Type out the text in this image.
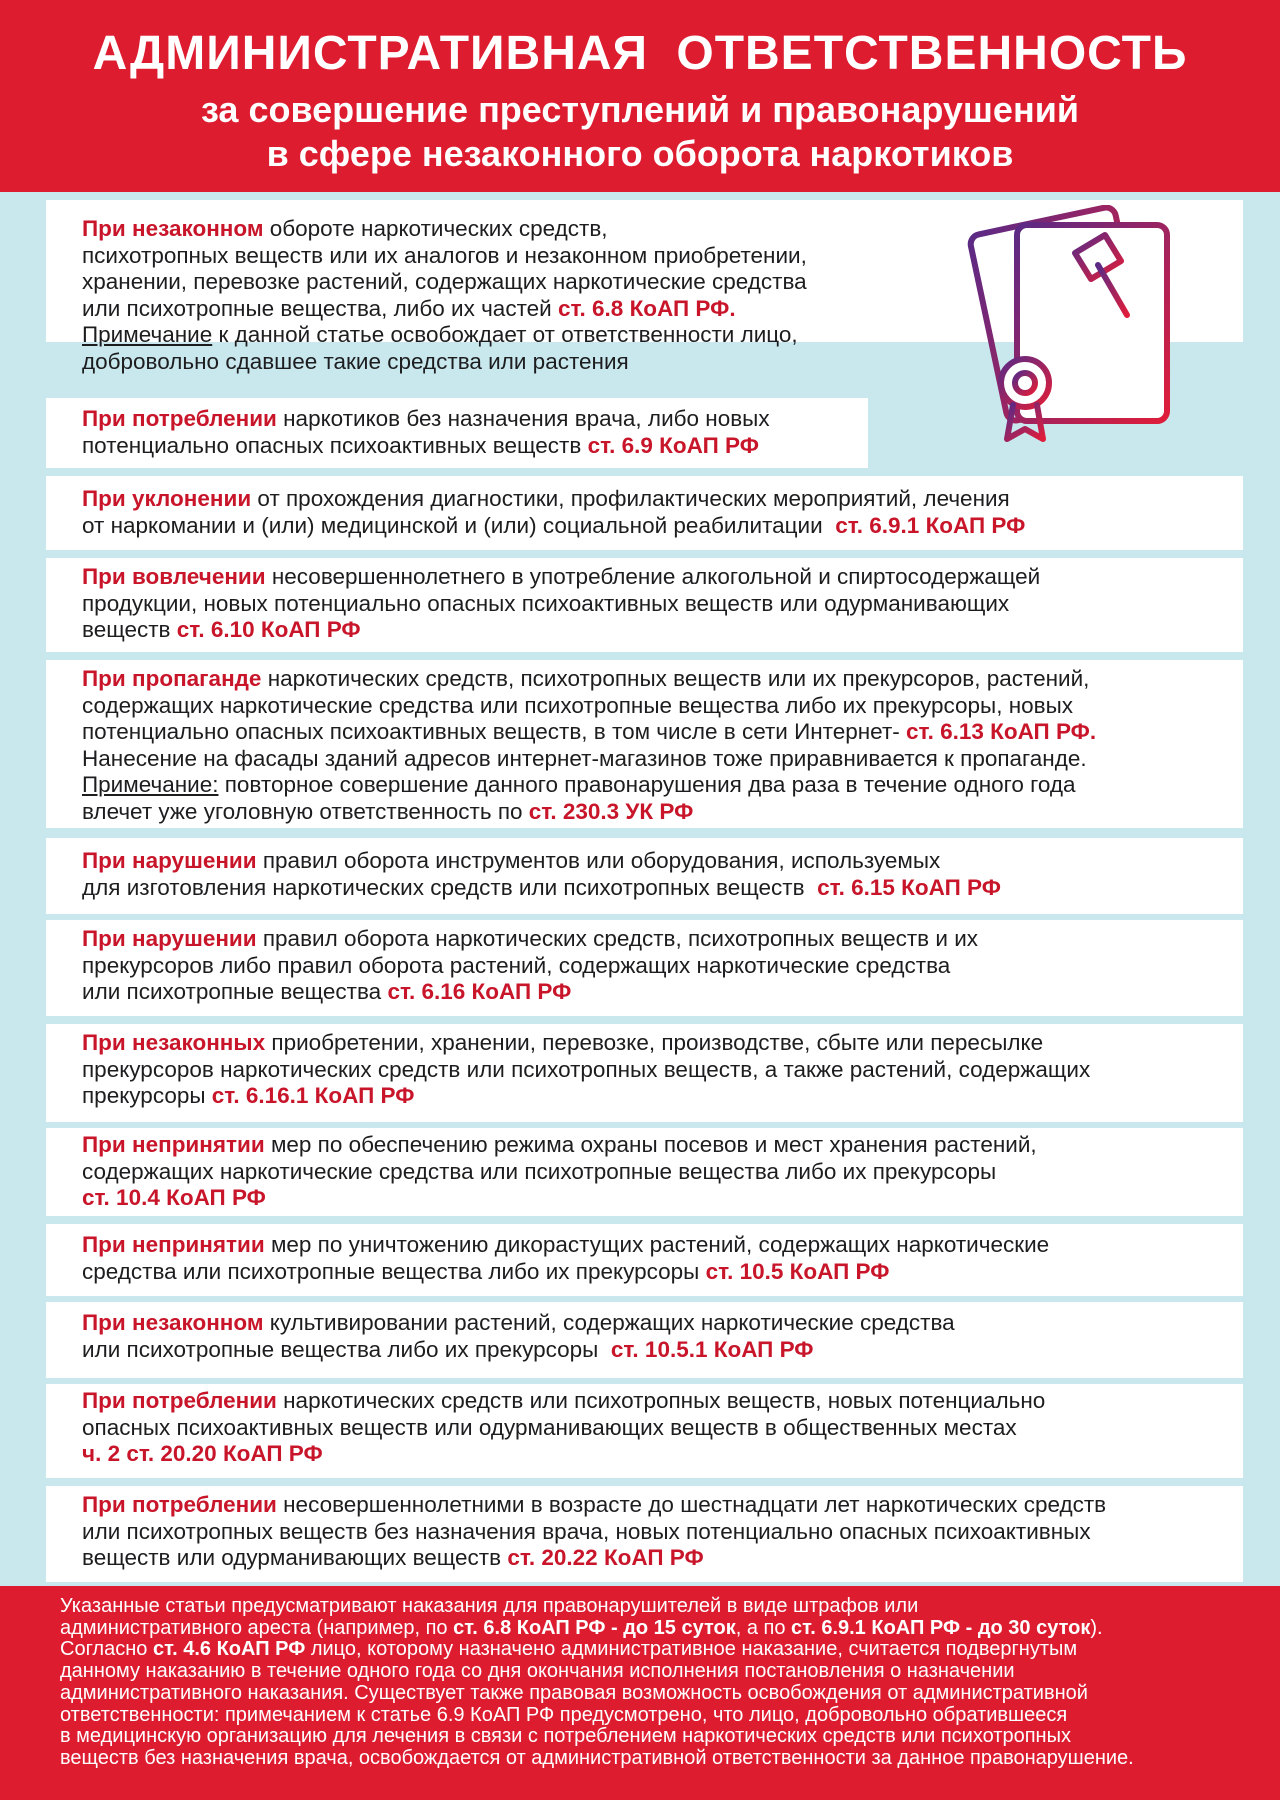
АДМИНИСТРАТИВНАЯ ОТВЕТСТВЕННОСТЬ
за совершение преступлений и правонарушений
в сфере незаконного оборота наркотиков
При незаконном обороте наркотических средств,
психотропных веществ или их аналогов и незаконном приобретении,
хранении, перевозке растений, содержащих наркотические средства
или психотропные вещества, либо их частей ст. 6.8 КоАП РФ.
Примечание к данной статье освобождает от ответственности лицо,
добровольно сдавшее такие средства или растения
При потреблении наркотиков без назначения врача, либо новых
потенциально опасных психоактивных веществ ст. 6.9 КоАП РФ
При уклонении от прохождения диагностики, профилактических мероприятий, лечения
от наркомании и (или) медицинской и (или) социальной реабилитации ст. 6.9.1 КоАП РФ
При вовлечении несовершеннолетнего в употребление алкогольной и спиртосодержащей
продукции, новых потенциально опасных психоактивных веществ или одурманивающих
веществ ст. 6.10 КоАП РФ
При пропаганде наркотических средств, психотропных веществ или их прекурсоров, растений,
содержащих наркотические средства или психотропные вещества либо их прекурсоры, новых
потенциально опасных психоактивных веществ, в том числе в сети Интернет- ст. 6.13 КоАП РФ.
Нанесение на фасады зданий адресов интернет-магазинов тоже приравнивается к пропаганде.
Примечание: повторное совершение данного правонарушения два раза в течение одного года
влечет уже уголовную ответственность по ст. 230.3 УК РФ
При нарушении правил оборота инструментов или оборудования, используемых
для изготовления наркотических средств или психотропных веществ ст. 6.15 КоАП РФ
При нарушении правил оборота наркотических средств, психотропных веществ и их
прекурсоров либо правил оборота растений, содержащих наркотические средства
или психотропные вещества ст. 6.16 КоАП РФ
При незаконных приобретении, хранении, перевозке, производстве, сбыте или пересылке
прекурсоров наркотических средств или психотропных веществ, а также растений, содержащих
прекурсоры ст. 6.16.1 КоАП РФ
При непринятии мер по обеспечению режима охраны посевов и мест хранения растений,
содержащих наркотические средства или психотропные вещества либо их прекурсоры
ст. 10.4 КоАП РФ
При непринятии мер по уничтожению дикорастущих растений, содержащих наркотические
средства или психотропные вещества либо их прекурсоры ст. 10.5 КоАП РФ
При незаконном культивировании растений, содержащих наркотические средства
или психотропные вещества либо их прекурсоры ст. 10.5.1 КоАП РФ
При потреблении наркотических средств или психотропных веществ, новых потенциально
опасных психоактивных веществ или одурманивающих веществ в общественных местах
ч. 2 ст. 20.20 КоАП РФ
При потреблении несовершеннолетними в возрасте до шестнадцати лет наркотических средств
или психотропных веществ без назначения врача, новых потенциально опасных психоактивных
веществ или одурманивающих веществ ст. 20.22 КоАП РФ
Указанные статьи предусматривают наказания для правонарушителей в виде штрафов или
административного ареста (например, по ст. 6.8 КоАП РФ - до 15 суток, а по ст. 6.9.1 КоАП РФ - до 30 суток).
Согласно ст. 4.6 КоАП РФ лицо, которому назначено административное наказание, считается подвергнутым
данному наказанию в течение одного года со дня окончания исполнения постановления о назначении
административного наказания. Существует также правовая возможность освобождения от административной
ответственности: примечанием к статье 6.9 КоАП РФ предусмотрено, что лицо, добровольно обратившееся
в медицинскую организацию для лечения в связи с потреблением наркотических средств или психотропных
веществ без назначения врача, освобождается от административной ответственности за данное правонарушение.
